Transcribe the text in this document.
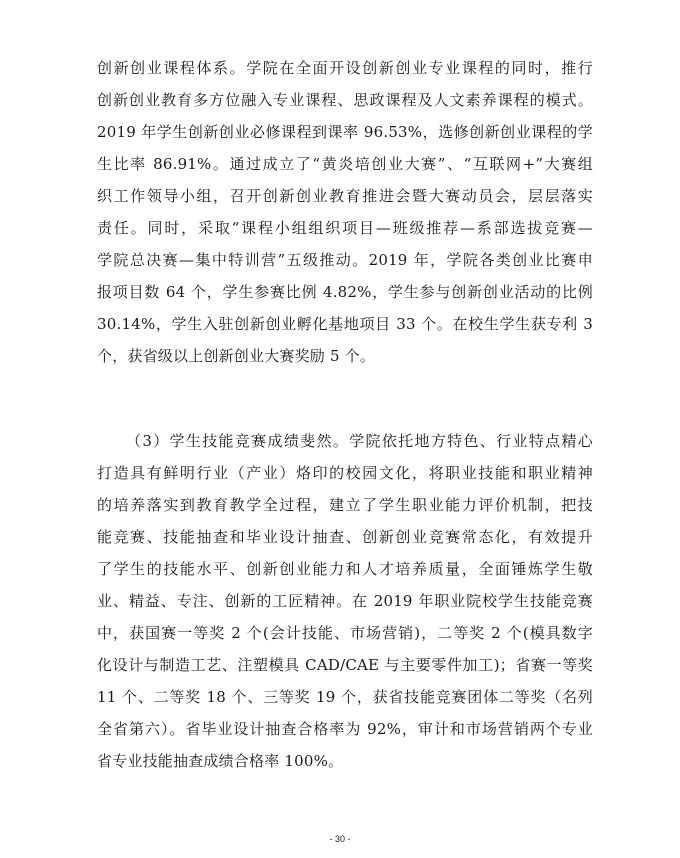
创新创业课程体系。学院在全面开设创新创业专业课程的同时，推行
创新创业教育多方位融入专业课程、思政课程及人文素养课程的模式。
2019 年学生创新创业必修课程到课率 96.53%，选修创新创业课程的学
生比率 86.91%。通过成立了“黄炎培创业大赛”、“互联网+”大赛组
织工作领导小组，召开创新创业教育推进会暨大赛动员会，层层落实
责任。同时，采取“课程小组组织项目—班级推荐—系部选拔竞赛—
学院总决赛—集中特训营”五级推动。2019 年，学院各类创业比赛申
报项目数 64 个，学生参赛比例 4.82%，学生参与创新创业活动的比例
30.14%，学生入驻创新创业孵化基地项目 33 个。在校生学生获专利 3
个，获省级以上创新创业大赛奖励 5 个。
（3）学生技能竞赛成绩斐然。学院依托地方特色、行业特点精心
打造具有鲜明行业（产业）烙印的校园文化，将职业技能和职业精神
的培养落实到教育教学全过程，建立了学生职业能力评价机制，把技
能竞赛、技能抽查和毕业设计抽查、创新创业竞赛常态化，有效提升
了学生的技能水平、创新创业能力和人才培养质量，全面锤炼学生敬
业、精益、专注、创新的工匠精神。在 2019 年职业院校学生技能竞赛
中，获国赛一等奖 2 个(会计技能、市场营销)，二等奖 2 个(模具数字
化设计与制造工艺、注塑模具 CAD/CAE 与主要零件加工)；省赛一等奖
11 个、二等奖 18 个、三等奖 19 个，获省技能竞赛团体二等奖（名列
全省第六）。省毕业设计抽查合格率为 92%，审计和市场营销两个专业
省专业技能抽查成绩合格率 100%。
- 30 -
